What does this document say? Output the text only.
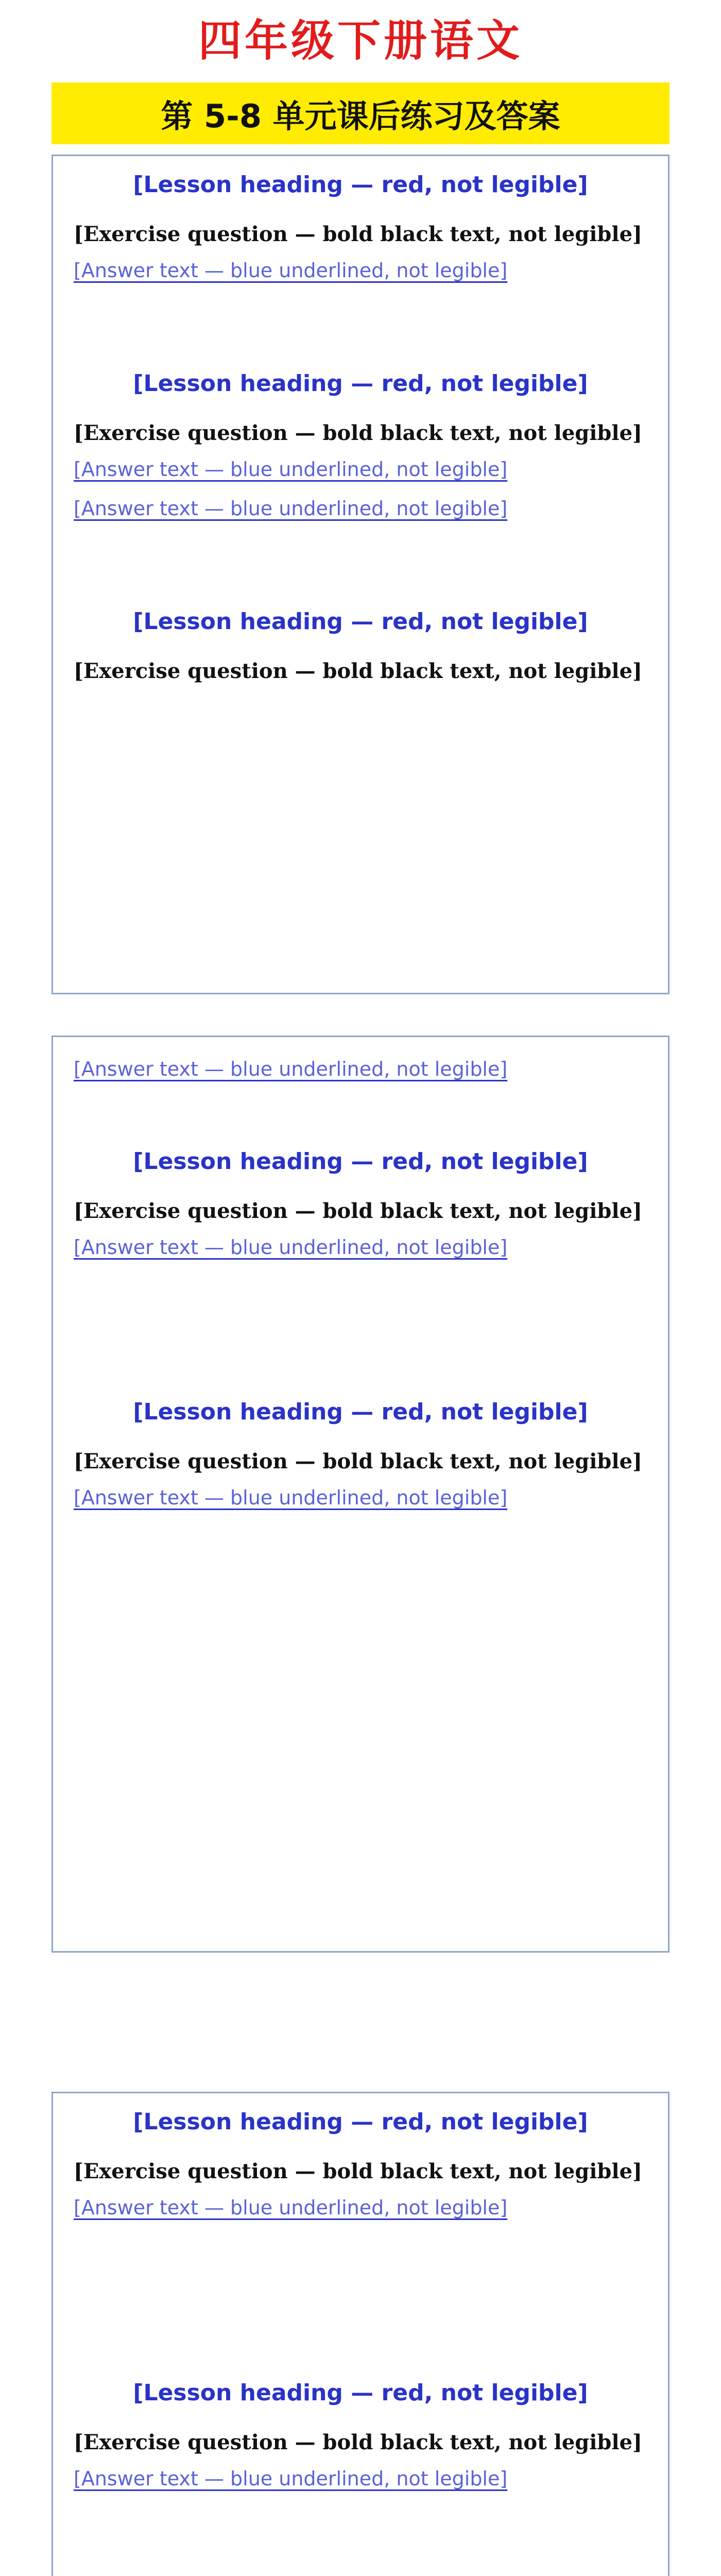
四年级下册语文
第 5-8 单元课后练习及答案
[Lesson heading — red, not legible]
[Exercise question — bold black text, not legible]
[Answer text — blue underlined, not legible]
[Lesson heading — red, not legible]
[Exercise question — bold black text, not legible]
[Answer text — blue underlined, not legible]
[Answer text — blue underlined, not legible]
[Lesson heading — red, not legible]
[Exercise question — bold black text, not legible]
[Answer text — blue underlined, not legible]
[Lesson heading — red, not legible]
[Exercise question — bold black text, not legible]
[Answer text — blue underlined, not legible]
[Lesson heading — red, not legible]
[Exercise question — bold black text, not legible]
[Answer text — blue underlined, not legible]
[Lesson heading — red, not legible]
[Exercise question — bold black text, not legible]
[Answer text — blue underlined, not legible]
[Lesson heading — red, not legible]
[Exercise question — bold black text, not legible]
[Answer text — blue underlined, not legible]
